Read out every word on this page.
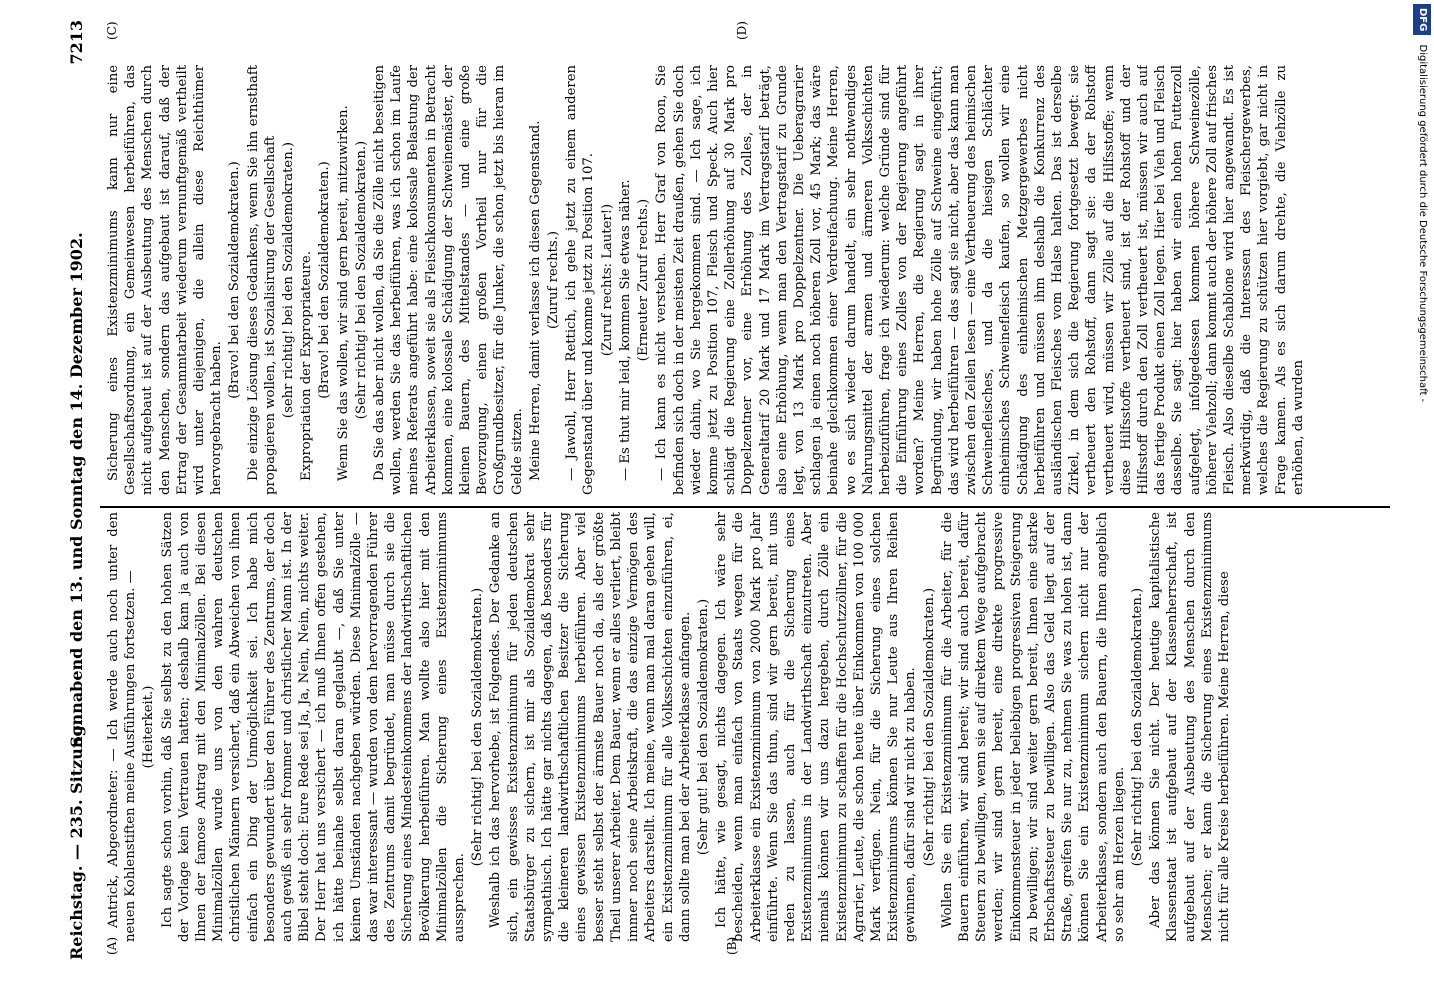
Reichstag. — 235. Sitzung.
Sonnabend den 13. und Sonntag den 14. Dezember 1902.
7213
(A)	(B)
(C)	(D)

Antrick, Abgeordneter: — Ich werde auch noch unter den neuen Kohlenstiften meine Ausführungen fortsetzen. — (Heiterkeit.) Ich sagte schon vorhin, daß Sie selbst zu den hohen Sätzen der Vorlage kein Vertrauen hatten; deshalb kam ja auch von Ihnen der famose Antrag mit den Minimalzöllen. Bei diesen Minimalzöllen wurde uns von den wahren deutschen christlichen Männern versichert, daß ein Abweichen von ihnen einfach ein Ding der Unmöglichkeit sei. Ich habe mich besonders gewundert über den Führer des Zentrums, der doch auch gewiß ein sehr frommer und christlicher Mann ist. In der Bibel steht doch: Eure Rede sei Ja, Ja, Nein, Nein, nichts weiter. Der Herr hat uns versichert — ich muß Ihnen offen gestehen, ich hätte beinahe selbst daran geglaubt —, daß Sie unter keinen Umständen nachgeben würden. Diese Minimalzölle — das war interessant — wurden von dem hervorragenden Führer des Zentrums damit begründet, man müsse durch sie die Sicherung eines Mindesteinkommens der landwirthschaftlichen Bevölkerung herbeiführen. Man wollte also hier mit den Minimalzöllen die Sicherung eines Existenzminimums aussprechen.

(Sehr richtig! bei den Sozialdemokraten.) Weshalb ich das hervorhebe, ist Folgendes. Der Gedanke an sich, ein gewisses Existenzminimum für jeden deutschen Staatsbürger zu sichern, ist mir als Sozialdemokrat sehr sympathisch. Ich hätte gar nichts dagegen, daß besonders für die kleineren landwirthschaftlichen Besitzer die Sicherung eines gewissen Existenzminimums herbeiführen. Aber viel besser steht selbst der ärmste Bauer noch da, als der größte Theil unserer Arbeiter. Dem Bauer, wenn er alles verliert, bleibt immer noch seine Arbeitskraft, die das einzige Vermögen des Arbeiters darstellt. Ich meine, wenn man mal daran gehen will, ein Existenzminimum für alle Volksschichten einzuführen, ei, dann sollte man bei der Arbeiterklasse anfangen. (Sehr gut! bei den Sozialdemokraten.) Ich hätte, wie gesagt, nichts dagegen. Ich wäre sehr bescheiden, wenn man einfach von Staats wegen für die Arbeiterklasse ein Existenzminimum von 2000 Mark pro Jahr einführte. Wenn Sie das thun, sind wir gern bereit, mit uns reden zu lassen, auch für die Sicherung eines Existenzminimums in der Landwirthschaft einzutreten. Aber niemals können wir uns dazu hergeben, durch Zölle ein Existenzminimum zu schaffen für die Hochschutzzöllner, für die Agrarier, Leute, die schon heute über Einkommen von 100 000 Mark verfügen. Nein, für die Sicherung eines solchen Existenzminimums können Sie nur Leute aus Ihren Reihen gewinnen, dafür sind wir nicht zu haben. (Sehr richtig! bei den Sozialdemokraten.) Wollen Sie ein Existenzminimum für die Arbeiter, für die Bauern einführen, wir sind bereit; wir sind auch bereit, dafür Steuern zu bewilligen, wenn sie auf direktem Wege aufgebracht werden; wir sind gern bereit, eine direkte progressive Einkommensteuer in jeder beliebigen progressiven Steigerung zu bewilligen; wir sind weiter gern bereit, Ihnen eine starke Erbschaftssteuer zu bewilligen. Also das Geld liegt auf der Straße, greifen Sie nur zu, nehmen Sie was zu holen ist, dann können Sie ein Existenzminimum sichern nicht nur der Arbeiterklasse, sondern auch den Bauern, die Ihnen angeblich so sehr am Herzen liegen. (Sehr richtig! bei den Sozialdemokraten.) Aber das können Sie nicht. Der heutige kapitalistische Klassenstaat ist aufgebaut auf der Klassenherrschaft, ist aufgebaut auf der Ausbeutung des Menschen durch den Menschen; er kann die Sicherung eines Existenzminimums nicht für alle Kreise herbeiführen. Meine Herren, diese

Sicherung eines Existenzminimums kann nur eine Gesellschaftsordnung, ein Gemeinwesen herbeiführen, das nicht aufgebaut ist auf der Ausbeutung des Menschen durch den Menschen, sondern das aufgebaut ist darauf, daß der Ertrag der Gesammtarbeit wiederum vernunftgemäß vertheilt wird unter diejenigen, die allein diese Reichthümer hervorgebracht haben.

(Bravo! bei den Sozialdemokraten.) Die einzige Lösung dieses Gedankens, wenn Sie ihn ernsthaft propagieren wollen, ist Sozialisirung der Gesellschaft (sehr richtig! bei den Sozialdemokraten.) Expropriation der Expropriateure. (Bravo! bei den Sozialdemokraten.) Wenn Sie das wollen, wir sind gern bereit, mitzuwirken. (Sehr richtig! bei den Sozialdemokraten.) Da Sie das aber nicht wollen, da Sie die Zölle nicht beseitigen wollen, werden Sie das herbeiführen, was ich schon im Laufe meines Referats angeführt habe: eine kolossale Belastung der Arbeiterklassen, soweit sie als Fleischkonsumenten in Betracht kommen, eine kolossale Schädigung der Schweinemäster, der kleinen Bauern, des Mittelstandes — und eine große Bevorzugung, einen großen Vortheil nur für die Großgrundbesitzer, für die Junker, die schon jetzt bis hieran im Gelde sitzen. Meine Herren, damit verlasse ich diesen Gegenstand. (Zuruf rechts.) — Jawohl, Herr Rettich, ich gehe jetzt zu einem anderen Gegenstand über und komme jetzt zu Position 107. (Zuruf rechts: Lauter!) — Es thut mir leid, kommen Sie etwas näher. (Erneuter Zuruf rechts.) — Ich kann es nicht verstehen. Herr Graf von Roon, Sie befinden sich doch in der meisten Zeit draußen, gehen Sie doch wieder dahin, wo Sie hergekommen sind. — Ich sage, ich komme jetzt zu Position 107, Fleisch und Speck. Auch hier schlägt die Regierung eine Zollerhöhung auf 30 Mark pro Doppelzentner vor, eine Erhöhung des Zolles, der in Generaltarif 20 Mark und 17 Mark im Vertragstarif beträgt, also eine Erhöhung, wenn man den Vertragstarif zu Grunde legt, von 13 Mark pro Doppelzentner. Die Ueberagrarier schlagen ja einen noch höheren Zoll vor, 45 Mark; das wäre beinahe gleichkommen einer Verdreifachung. Meine Herren, wo es sich wieder darum handelt, ein sehr nothwendiges Nahrungsmittel der armen und ärmeren Volksschichten herbeizuführen, frage ich wiederum: welche Gründe sind für die Einführung eines Zolles von der Regierung angeführt worden? Meine Herren, die Regierung sagt in ihrer Begründung, wir haben hohe Zölle auf Schweine eingeführt; das wird herbeiführen — das sagt sie nicht, aber das kann man zwischen den Zeilen lesen — eine Vertheuerung des heimischen Schweinefleisches, und da die hiesigen Schlächter einheimisches Schweinefleisch kaufen, so wollen wir eine Schädigung des einheimischen Metzgergewerbes nicht herbeiführen und müssen ihm deshalb die Konkurrenz des ausländischen Fleisches vom Halse halten. Das ist derselbe Zirkel, in dem sich die Regierung fortgesetzt bewegt: sie vertheuert den Rohstoff, dann sagt sie: da der Rohstoff vertheuert wird, müssen wir Zölle auf die Hilfsstoffe; wenn diese Hilfsstoffe vertheuert sind, ist der Rohstoff und der Hilfsstoff durch den Zoll vertheuert ist, müssen wir auch auf das fertige Produkt einen Zoll legen. Hier bei Vieh und Fleisch dasselbe. Sie sagt: hier haben wir einen hohen Futterzoll aufgelegt, infolgedessen kommen höhere Schweinezölle, höherer Viehzoll; dann kommt auch der höhere Zoll auf frisches Fleisch. Also dieselbe Schablone wird hier angewandt. Es ist merkwürdig, daß die Interessen des Fleischergewerbes, welches die Regierung zu schützen hier vorgiebt, gar nicht in Frage kamen. Als es sich darum drehte, die Viehzölle zu erhöhen, da wurden

DFG Digitalisierung gefördert durch die Deutsche Forschungsgemeinschaft -
